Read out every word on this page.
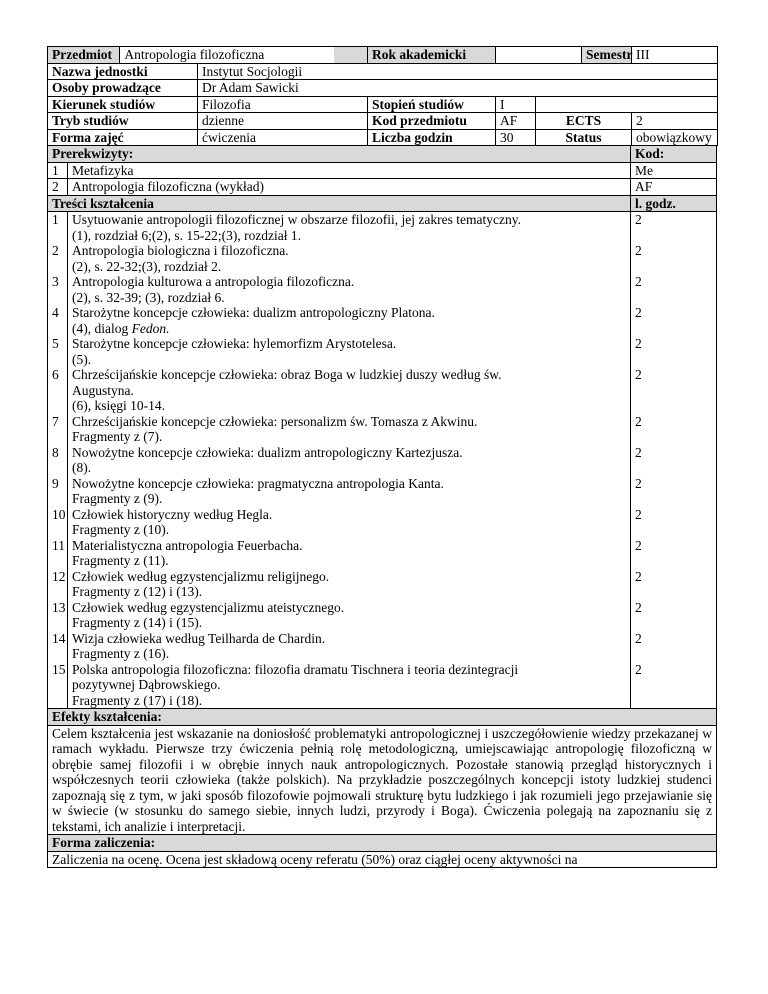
Przedmiot Antropologia filozoficzna		Rok akademicki			Semestr	III
Nazwa jednostki	Instytut Socjologii					
Osoby prowadzące	Dr Adam Sawicki					
Kierunek studiów	Filozofia	Stopień studiów	I			
Tryb studiów	dzienne	Kod przedmiotu	AF	ECTS		2
Forma zajęć	ćwiczenia	Liczba godzin	30	Status		obowiązkowy
Prerekwizyty:		Kod:
1	Metafizyka	Me
2	Antropologia filozoficzna (wykład)	AF
Treści kształcenia		l. godz.
1	Usytuowanie antropologii filozoficznej w obszarze filozofii, jej zakres tematyczny.
(1), rozdział 6;(2), s. 15-22;(3), rozdział 1.	2
2	Antropologia biologiczna i filozoficzna.
(2), s. 22-32;(3), rozdział 2.	2
3	Antropologia kulturowa a antropologia filozoficzna.
(2), s. 32-39; (3), rozdział 6.	2
4	Starożytne koncepcje człowieka: dualizm antropologiczny Platona.
(4), dialog Fedon.	2
5	Starożytne koncepcje człowieka: hylemorfizm Arystotelesa.
(5).	2
6	Chrześcijańskie koncepcje człowieka: obraz Boga w ludzkiej duszy według św.
Augustyna.
(6), księgi 10-14.	2
7	Chrześcijańskie koncepcje człowieka: personalizm św. Tomasza z Akwinu.
Fragmenty z (7).	2
8	Nowożytne koncepcje człowieka: dualizm antropologiczny Kartezjusza.
(8).	2
9	Nowożytne koncepcje człowieka: pragmatyczna antropologia Kanta.
Fragmenty z (9).	2
10	Człowiek historyczny według Hegla.
Fragmenty z (10).	2
11	Materialistyczna antropologia Feuerbacha.
Fragmenty z (11).	2
12	Człowiek według egzystencjalizmu religijnego.
Fragmenty z (12) i (13).	2
13	Człowiek według egzystencjalizmu ateistycznego.
Fragmenty z (14) i (15).	2
14	Wizja człowieka według Teilharda de Chardin.
Fragmenty z (16).	2
15	Polska antropologia filozoficzna: filozofia dramatu Tischnera i teoria dezintegracji
pozytywnej Dąbrowskiego.
Fragmenty z (17) i (18).	2
Efekty kształcenia:		
Celem kształcenia jest wskazanie na doniosłość problematyki antropologicznej i uszczegółowienie wiedzy przekazanej w ramach wykładu. Pierwsze trzy ćwiczenia pełnią rolę metodologiczną, umiejscawiając antropologię filozoficzną w obrębie samej filozofii i w obrębie innych nauk antropologicznych. Pozostałe stanowią przegląd historycznych i współczesnych teorii człowieka (także polskich). Na przykładzie poszczególnych koncepcji istoty ludzkiej studenci zapoznają się z tym, w jaki sposób filozofowie pojmowali strukturę bytu ludzkiego i jak rozumieli jego przejawianie się w świecie (w stosunku do samego siebie, innych ludzi, przyrody i Boga). Ćwiczenia polegają na zapoznaniu się z tekstami, ich analizie i interpretacji.		
Forma zaliczenia:		
Zaliczenia na ocenę. Ocena jest składową oceny referatu (50%) oraz ciągłej oceny aktywności na		
